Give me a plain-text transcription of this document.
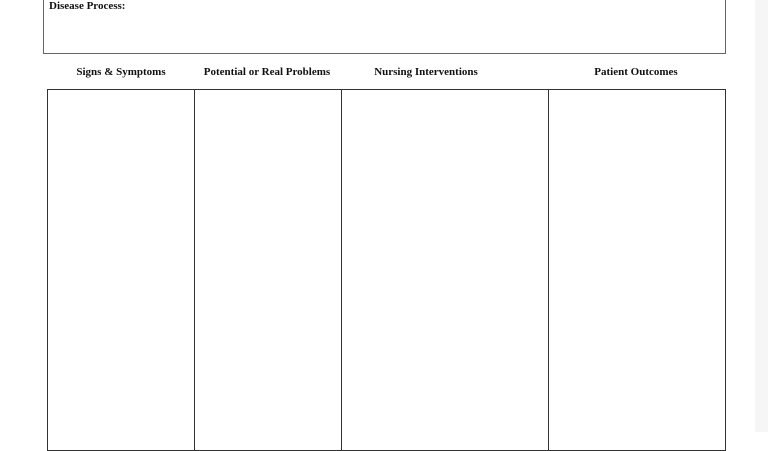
Disease Process:
Signs & Symptoms	Potential or Real Problems	Nursing Interventions	Patient Outcomes
